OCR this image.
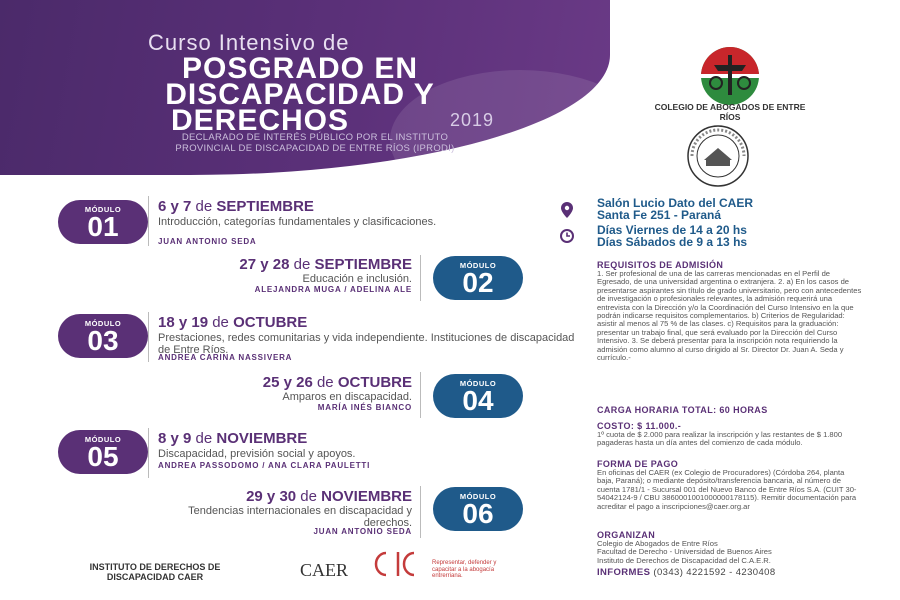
Curso Intensivo de
POSGRADO EN
DISCAPACIDAD Y
DERECHOS	2019
DECLARADO DE INTERÉS PÚBLICO POR EL INSTITUTO PROVINCIAL DE DISCAPACIDAD DE ENTRE RÍOS (IPRODI)
COLEGIO DE ABOGADOS DE ENTRE RÍOS
MÓDULO
01
6 y 7 de SEPTIEMBRE
Introducción, categorías fundamentales y clasificaciones.
JUAN ANTONIO SEDA
MÓDULO
02
27 y 28 de SEPTIEMBRE
Educación e inclusión.
ALEJANDRA MUGA / ADELINA ALE
MÓDULO
03
18 y 19 de OCTUBRE
Prestaciones, redes comunitarias y vida independiente. Instituciones de discapacidad de Entre Ríos.
ANDREA CARINA NASSIVERA
MÓDULO
04
25 y 26 de OCTUBRE
Amparos en discapacidad.
MARÍA INÉS BIANCO
MÓDULO
05
8 y 9 de NOVIEMBRE
Discapacidad, previsión social y apoyos.
ANDREA PASSODOMO / ANA CLARA PAULETTI
MÓDULO
06
29 y 30 de NOVIEMBRE
Tendencias internacionales en discapacidad y derechos.
JUAN ANTONIO SEDA
Salón Lucio Dato del CAER
Santa Fe 251 - Paraná
Días Viernes de 14 a 20 hs
Días Sábados de 9 a 13 hs
REQUISITOS DE ADMISIÓN
1. Ser profesional de una de las carreras mencionadas en el Perfil de Egresado, de una universidad argentina o extranjera. 2. a) En los casos de presentarse aspirantes sin título de grado universitario, pero con antecedentes de investigación o profesionales relevantes, la admisión requerirá una entrevista con la Dirección y/o la Coordinación del Curso Intensivo en la que podrán indicarse requisitos complementarios. b) Criterios de Regularidad: asistir al menos al 75 % de las clases. c) Requisitos para la graduación: presentar un trabajo final, que será evaluado por la Dirección del Curso Intensivo. 3. Se deberá presentar para la inscripción nota requiriendo la admisión como alumno al curso dirigido al Sr. Director Dr. Juan A. Seda y currículo.-
CARGA HORARIA TOTAL: 60 HORAS
COSTO: $ 11.000.-
1º cuota de $ 2.000 para realizar la inscripción y las restantes de $ 1.800 pagaderas hasta un día antes del comienzo de cada módulo.
FORMA DE PAGO
En oficinas del CAER (ex Colegio de Procuradores) (Córdoba 264, planta baja, Paraná); o mediante depósito/transferencia bancaria, al número de cuenta 1781/1 - Sucursal 001 del Nuevo Banco de Entre Ríos S.A. (CUIT 30-54042124-9 / CBU 3860001001000000178115). Remitir documentación para acreditar el pago a inscripciones@caer.org.ar
ORGANIZAN
Colegio de Abogados de Entre Ríos
Facultad de Derecho - Universidad de Buenos Aires
Instituto de Derechos de Discapacidad del C.A.E.R.
INFORMES (0343) 4221592 - 4230408
INSTITUTO DE DERECHOS DE DISCAPACIDAD CAER	CAER	Representar, defender y capacitar a la abogacía entrerriana.
